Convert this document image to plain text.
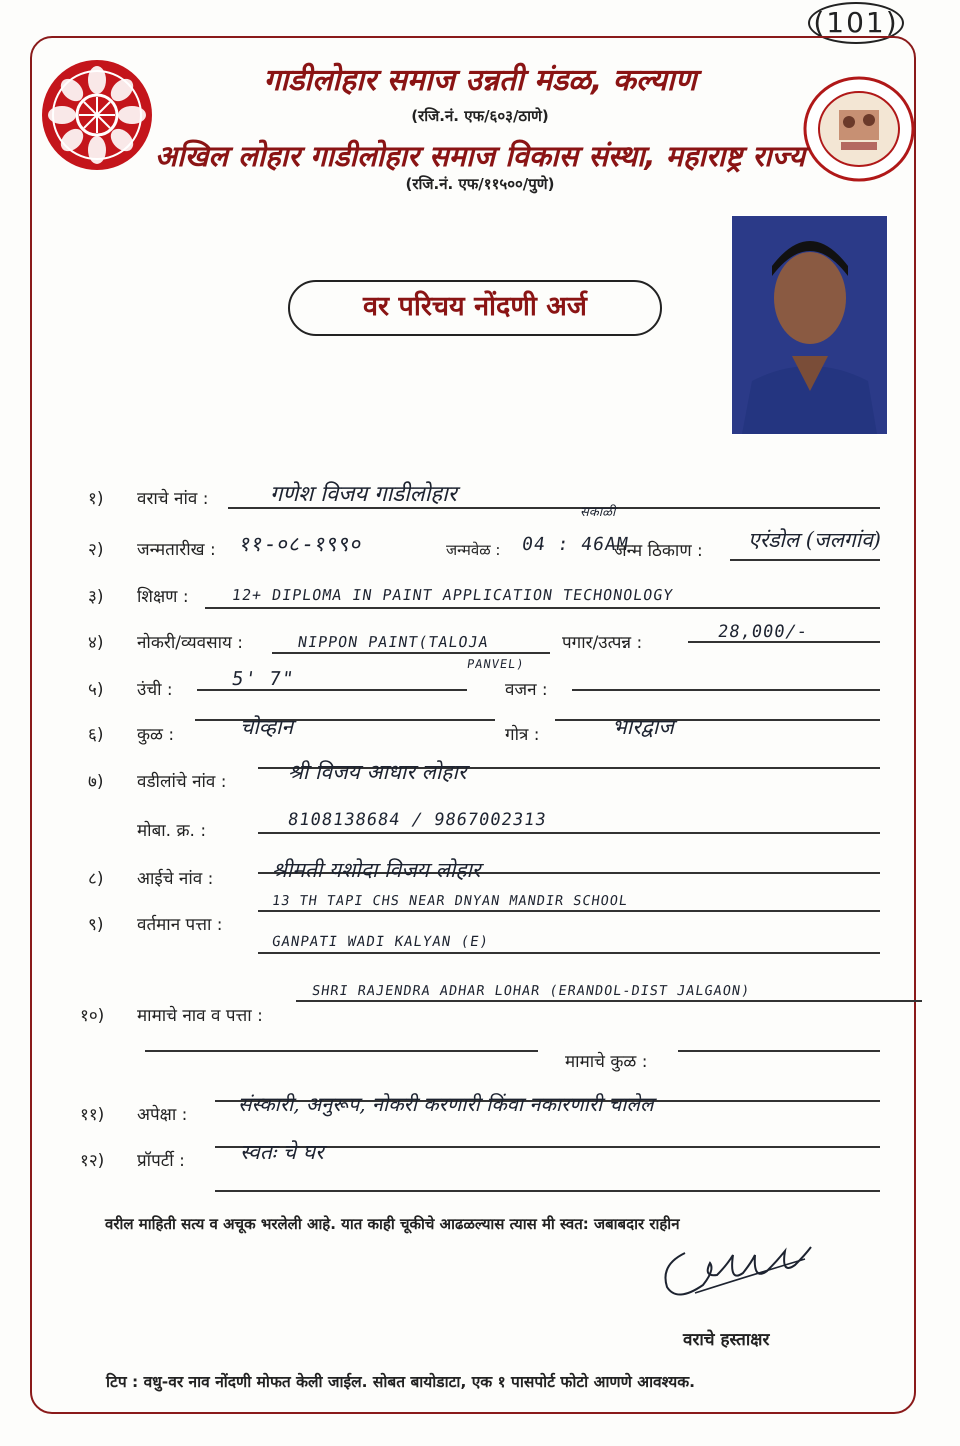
(101)
गाडीलोहार समाज उन्नती मंडळ, कल्याण
(रजि.नं. एफ/६०३/ठाणे)
अखिल लोहार गाडीलोहार समाज विकास संस्था, महाराष्ट्र राज्य
(रजि.नं. एफ/११५००/पुणे)
वर परिचय नोंदणी अर्ज
१) वराचे नांव :	गणेश विजय गाडीलोहार
२) जन्मतारीख : ११-०८-१९९०	जन्मवेळ : 04 : 46AM
सकाळी
जन्म ठिकाण : एरंडोल (जलगांव)
३) शिक्षण :	12+ DIPLOMA IN PAINT APPLICATION TECHONOLOGY
४) नोकरी/व्यवसाय :	NIPPON PAINT(TALOJA
PANVEL)
पगार/उत्पन्न :
28,000/-
५) उंची :	5' 7"	वजन :
६) कुळ :	चोव्हान	गोत्र :	भारद्वाज
७) वडीलांचे नांव :	श्री विजय आधार लोहार
मोबा. क्र. :
8108138684 / 9867002313
८) आईचे नांव :	श्रीमती यशोदा विजय लोहार
९) वर्तमान पत्ता :
13 TH TAPI CHS NEAR DNYAN MANDIR SCHOOL
GANPATI WADI KALYAN (E)
१०) मामाचे नाव व पत्ता :
SHRI RAJENDRA ADHAR LOHAR (ERANDOL-DIST JALGAON)
मामाचे कुळ :
११) अपेक्षा :	संस्कारी, अनुरूप, नोकरी करणारी किंवा नकारणारी चालेल
१२) प्रॉपर्टी :	स्वतः चे घर
वरील माहिती सत्य व अचूक भरलेली आहे. यात काही चूकीचे आढळल्यास त्यास मी स्वत: जबाबदार राहीन
वराचे हस्ताक्षर
टिप : वधु-वर नाव नोंदणी मोफत केली जाईल. सोबत बायोडाटा, एक १ पासपोर्ट फोटो आणणे आवश्यक.
